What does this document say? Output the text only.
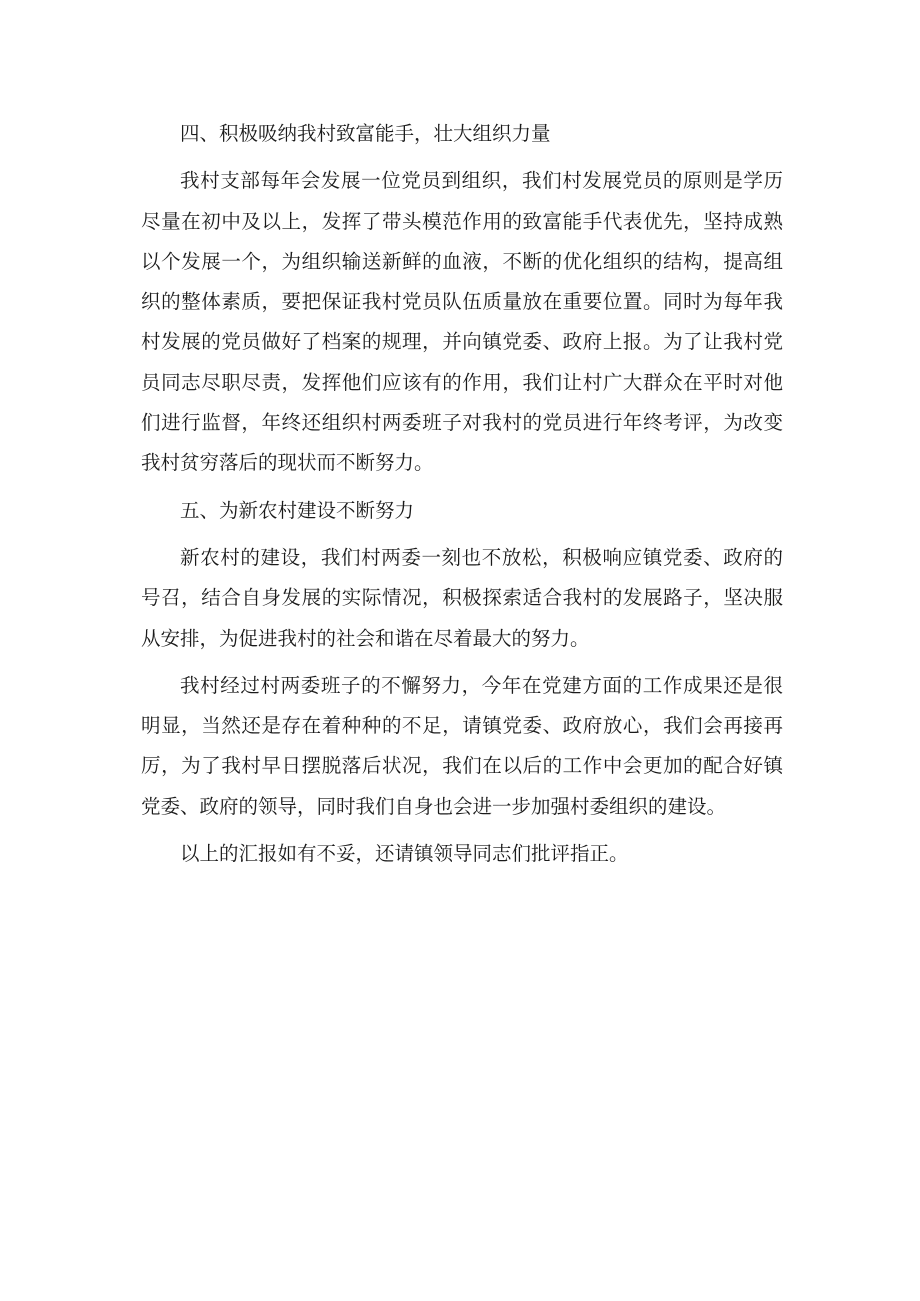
四、积极吸纳我村致富能手，壮大组织力量

我村支部每年会发展一位党员到组织，我们村发展党员的原则是学历尽量在初中及以上，发挥了带头模范作用的致富能手代表优先，坚持成熟以个发展一个，为组织输送新鲜的血液，不断的优化组织的结构，提高组织的整体素质，要把保证我村党员队伍质量放在重要位置。同时为每年我村发展的党员做好了档案的规理，并向镇党委、政府上报。为了让我村党员同志尽职尽责，发挥他们应该有的作用，我们让村广大群众在平时对他们进行监督，年终还组织村两委班子对我村的党员进行年终考评，为改变我村贫穷落后的现状而不断努力。

五、为新农村建设不断努力

新农村的建设，我们村两委一刻也不放松，积极响应镇党委、政府的号召，结合自身发展的实际情况，积极探索适合我村的发展路子，坚决服从安排，为促进我村的社会和谐在尽着最大的努力。

我村经过村两委班子的不懈努力，今年在党建方面的工作成果还是很明显，当然还是存在着种种的不足，请镇党委、政府放心，我们会再接再厉，为了我村早日摆脱落后状况，我们在以后的工作中会更加的配合好镇党委、政府的领导，同时我们自身也会进一步加强村委组织的建设。

以上的汇报如有不妥，还请镇领导同志们批评指正。
